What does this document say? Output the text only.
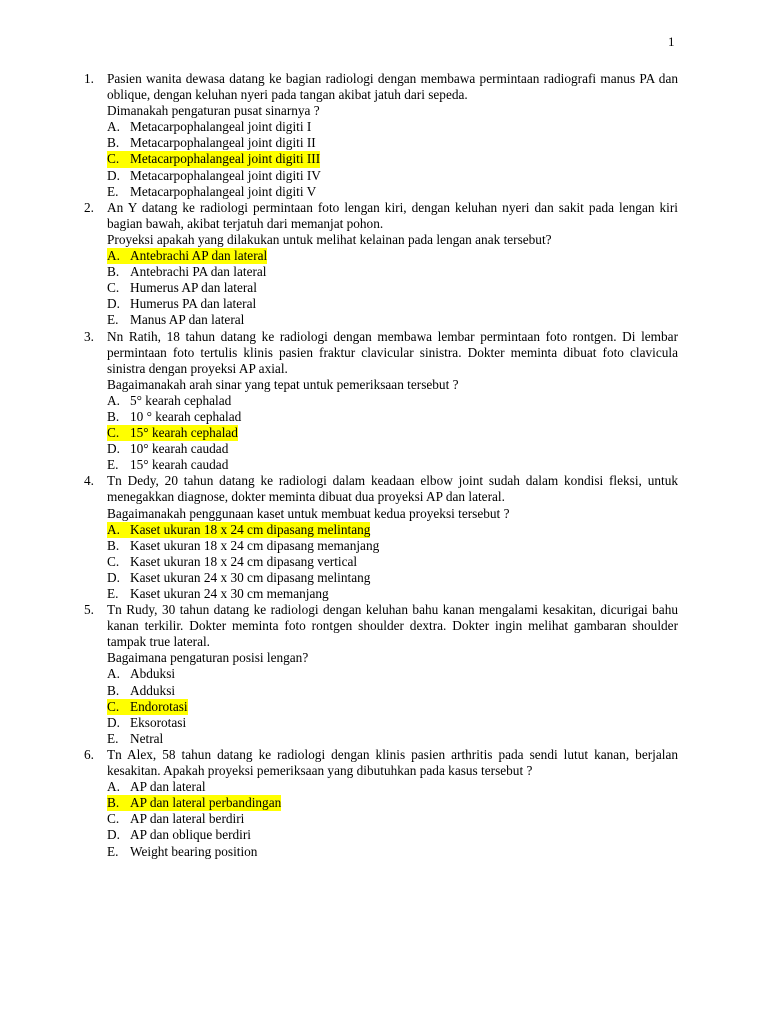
1
1. Pasien wanita dewasa datang ke bagian radiologi dengan membawa permintaan radiografi manus PA dan oblique, dengan keluhan nyeri pada tangan akibat jatuh dari sepeda.
Dimanakah pengaturan pusat sinarnya ?
A. Metacarpophalangeal joint digiti I
B. Metacarpophalangeal joint digiti II
C. Metacarpophalangeal joint digiti III
D. Metacarpophalangeal joint digiti IV
E. Metacarpophalangeal joint digiti V
2. An Y datang ke radiologi permintaan foto lengan kiri, dengan keluhan nyeri dan sakit pada lengan kiri bagian bawah, akibat terjatuh dari memanjat pohon.
Proyeksi apakah yang dilakukan untuk melihat kelainan pada lengan anak tersebut?
A. Antebrachi AP dan lateral
B. Antebrachi PA dan lateral
C. Humerus AP dan lateral
D. Humerus PA dan lateral
E. Manus AP dan lateral
3. Nn Ratih, 18 tahun datang ke radiologi dengan membawa lembar permintaan foto rontgen. Di lembar permintaan foto tertulis klinis pasien fraktur clavicular sinistra. Dokter meminta dibuat foto clavicula sinistra dengan proyeksi AP axial.
Bagaimanakah arah sinar yang tepat untuk pemeriksaan tersebut ?
A. 5° kearah cephalad
B. 10 ° kearah cephalad
C. 15° kearah cephalad
D. 10° kearah caudad
E. 15° kearah caudad
4. Tn Dedy, 20 tahun datang ke radiologi dalam keadaan elbow joint sudah dalam kondisi fleksi, untuk menegakkan diagnose, dokter meminta dibuat dua proyeksi AP dan lateral.
Bagaimanakah penggunaan kaset untuk membuat kedua proyeksi tersebut ?
A. Kaset ukuran 18 x 24 cm dipasang melintang
B. Kaset ukuran 18 x 24 cm dipasang memanjang
C. Kaset ukuran 18 x 24 cm dipasang vertical
D. Kaset ukuran 24 x 30 cm dipasang melintang
E. Kaset ukuran 24 x 30 cm memanjang
5. Tn Rudy, 30 tahun datang ke radiologi dengan keluhan bahu kanan mengalami kesakitan, dicurigai bahu kanan terkilir. Dokter meminta foto rontgen shoulder dextra. Dokter ingin melihat gambaran shoulder tampak true lateral.
Bagaimana pengaturan posisi lengan?
A. Abduksi
B. Adduksi
C. Endorotasi
D. Eksorotasi
E. Netral
6. Tn Alex, 58 tahun datang ke radiologi dengan klinis pasien arthritis pada sendi lutut kanan, berjalan kesakitan. Apakah proyeksi pemeriksaan yang dibutuhkan pada kasus tersebut ?
A. AP dan lateral
B. AP dan lateral perbandingan
C. AP dan lateral berdiri
D. AP dan oblique berdiri
E. Weight bearing position
